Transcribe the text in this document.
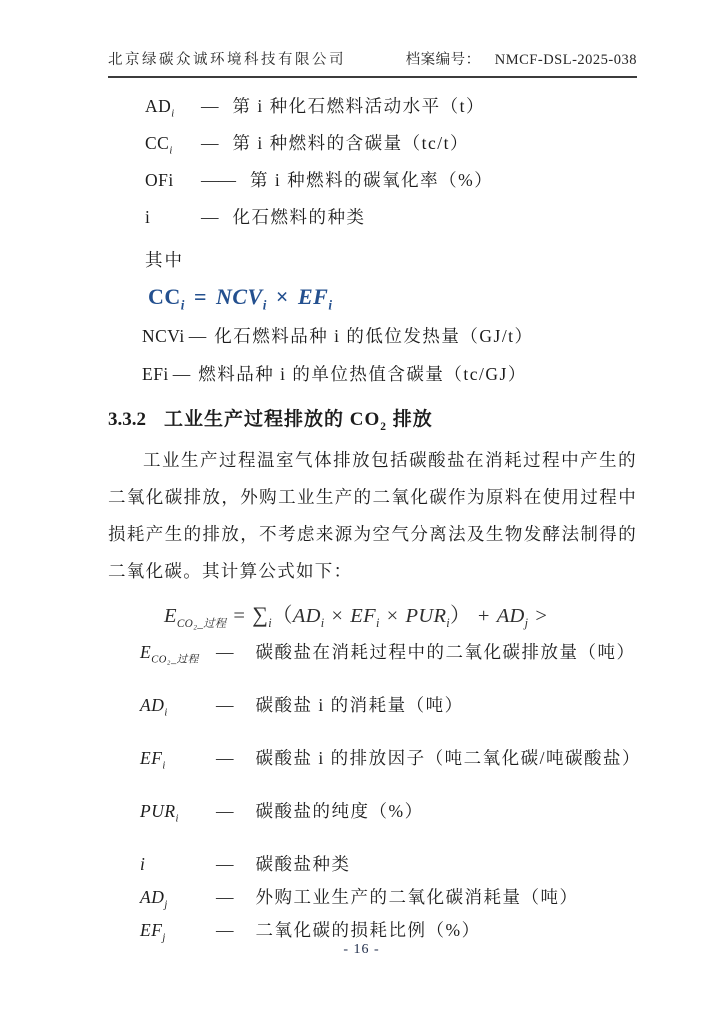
北京绿碳众诚环境科技有限公司	档案编号： NMCF-DSL-2025-038
$AD_i$	— 第 i 种化石燃料活动水平（t）
$CC_i$	— 第 i 种燃料的含碳量（tc/t）
OFi	—— 第 i 种燃料的碳氧化率（%）
i	— 化石燃料的种类
其中
$CC_i = NCV_i \times EF_i$
NCVi — 化石燃料品种 i 的低位发热量（GJ/t）
EFi — 燃料品种 i 的单位热值含碳量（tc/GJ）
3.3.2 工业生产过程排放的 $CO_2$ 排放

工业生产过程温室气体排放包括碳酸盐在消耗过程中产生的二氧化碳排放，外购工业生产的二氧化碳作为原料在使用过程中损耗产生的排放，不考虑来源为空气分离法及生物发酵法制得的二氧化碳。其计算公式如下：

$E_{CO_2\_过程} = \sum_i(AD_i \times EF_i \times PUR_i) + AD_j$ >
$E_{CO_2\_过程}$ — 碳酸盐在消耗过程中的二氧化碳排放量（吨）
$AD_i$	— 碳酸盐 i 的消耗量（吨）
$EF_i$	— 碳酸盐 i 的排放因子（吨二氧化碳/吨碳酸盐）
$PUR_i$	— 碳酸盐的纯度（%）
i	— 碳酸盐种类
$AD_j$	— 外购工业生产的二氧化碳消耗量（吨）
$EF_j$	— 二氧化碳的损耗比例（%）
- 16 -
